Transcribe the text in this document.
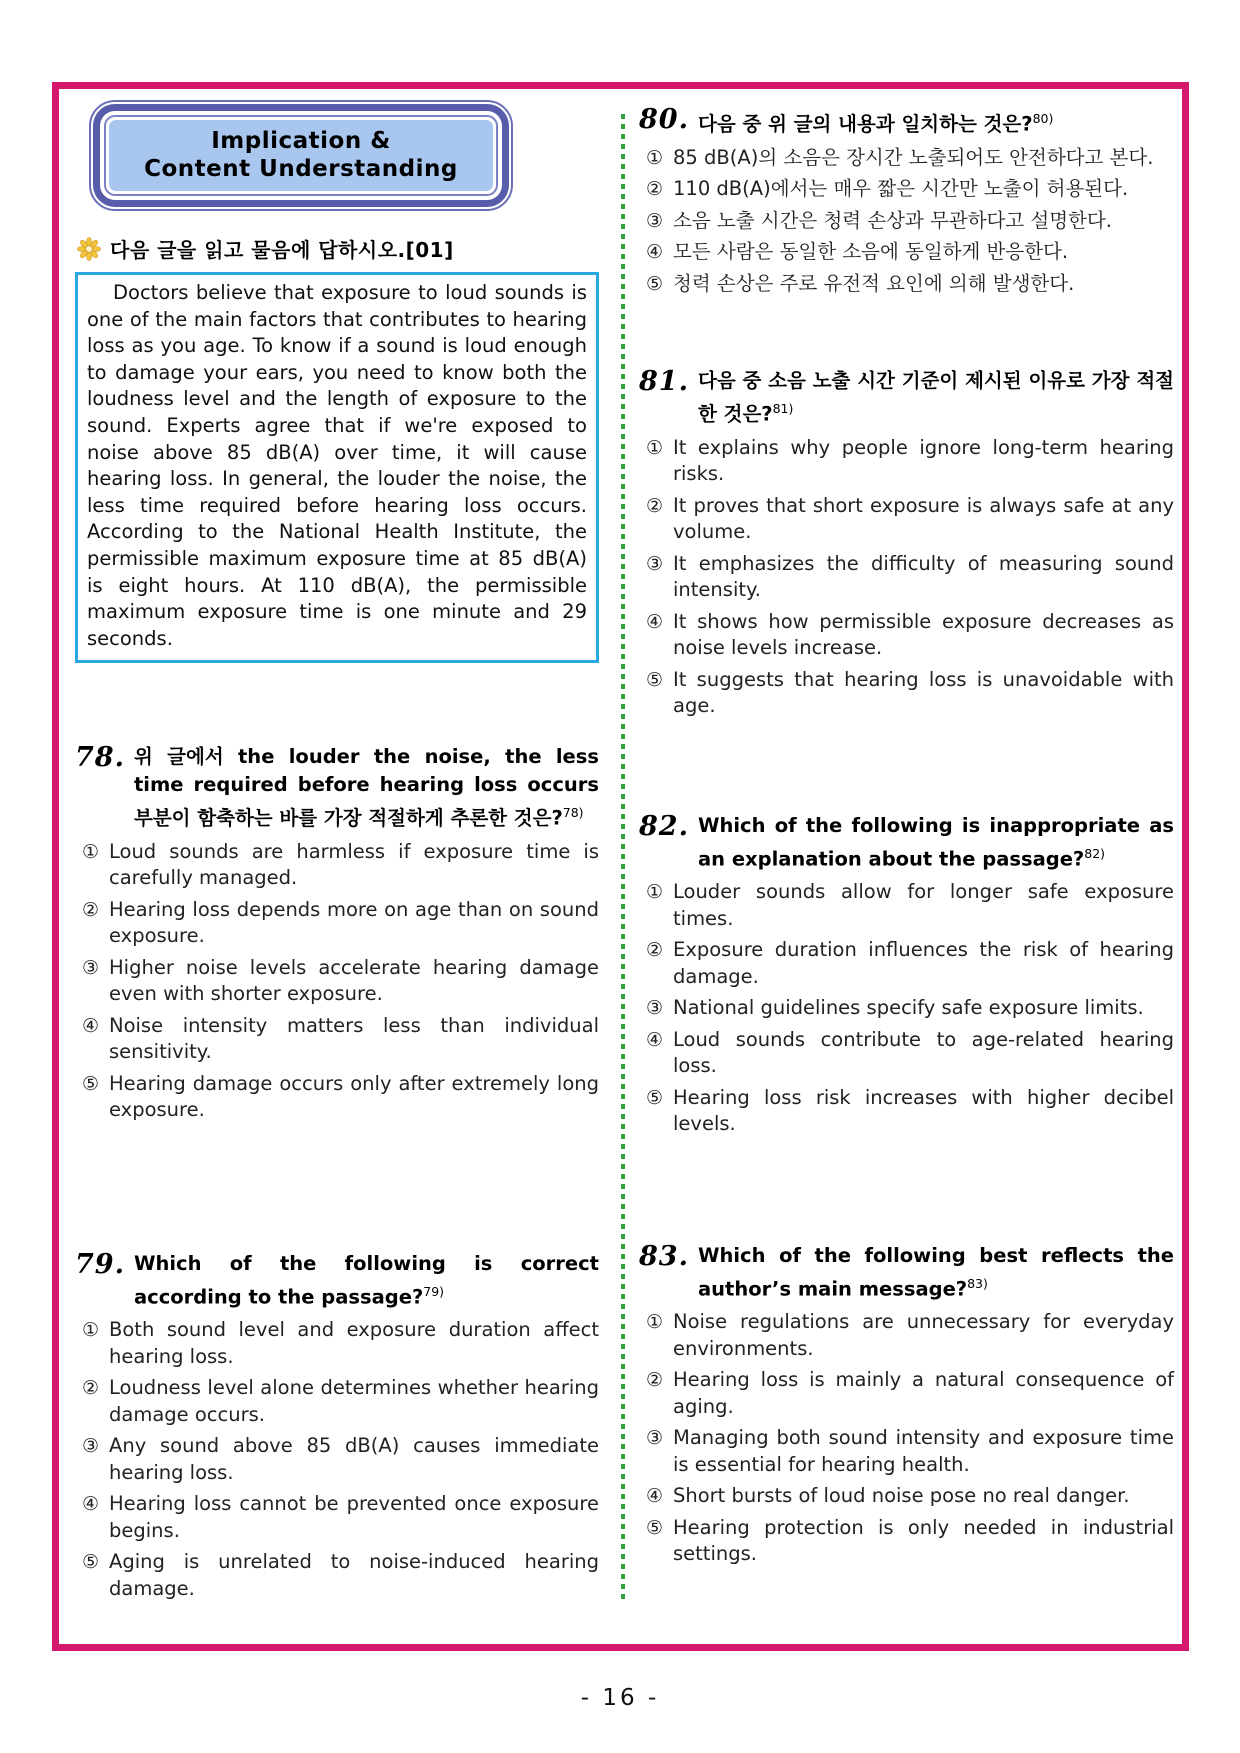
Implication &
Content Understanding
다음 글을 읽고 물음에 답하시오.[01]

Doctors believe that exposure to loud sounds is one of the main factors that contributes to hearing loss as you age. To know if a sound is loud enough to damage your ears, you need to know both the loudness level and the length of exposure to the sound. Experts agree that if we're exposed to noise above 85 dB(A) over time, it will cause hearing loss. In general, the louder the noise, the less time required before hearing loss occurs. According to the National Health Institute, the permissible maximum exposure time at 85 dB(A) is eight hours. At 110 dB(A), the permissible maximum exposure time is one minute and 29 seconds.

78. 위 글에서 the louder the noise, the less time required before hearing loss occurs 부분이 함축하는 바를 가장 적절하게 추론한 것은?$^{78)}$
① Loud sounds are harmless if exposure time is carefully managed.
② Hearing loss depends more on age than on sound exposure.
③ Higher noise levels accelerate hearing damage even with shorter exposure.
④ Noise intensity matters less than individual sensitivity.
⑤ Hearing damage occurs only after extremely long exposure.
79. Which of the following is correct according to the passage?$^{79)}$
① Both sound level and exposure duration affect hearing loss.
② Loudness level alone determines whether hearing damage occurs.
③ Any sound above 85 dB(A) causes immediate hearing loss.
④ Hearing loss cannot be prevented once exposure begins.
⑤ Aging is unrelated to noise-induced hearing damage.
80. 다음 중 위 글의 내용과 일치하는 것은?$^{80)}$
① 85 dB(A)의 소음은 장시간 노출되어도 안전하다고 본다.
② 110 dB(A)에서는 매우 짧은 시간만 노출이 허용된다.
③ 소음 노출 시간은 청력 손상과 무관하다고 설명한다.
④ 모든 사람은 동일한 소음에 동일하게 반응한다.
⑤ 청력 손상은 주로 유전적 요인에 의해 발생한다.
81. 다음 중 소음 노출 시간 기준이 제시된 이유로 가장 적절한 것은?$^{81)}$
① It explains why people ignore long-term hearing risks.
② It proves that short exposure is always safe at any volume.
③ It emphasizes the difficulty of measuring sound intensity.
④ It shows how permissible exposure decreases as noise levels increase.
⑤ It suggests that hearing loss is unavoidable with age.
82. Which of the following is inappropriate as an explanation about the passage?$^{82)}$
① Louder sounds allow for longer safe exposure times.
② Exposure duration influences the risk of hearing damage.
③ National guidelines specify safe exposure limits.
④ Loud sounds contribute to age-related hearing loss.
⑤ Hearing loss risk increases with higher decibel levels.
83. Which of the following best reflects the author’s main message?$^{83)}$
① Noise regulations are unnecessary for everyday environments.
② Hearing loss is mainly a natural consequence of aging.
③ Managing both sound intensity and exposure time is essential for hearing health.
④ Short bursts of loud noise pose no real danger.
⑤ Hearing protection is only needed in industrial settings.
- 16 -
